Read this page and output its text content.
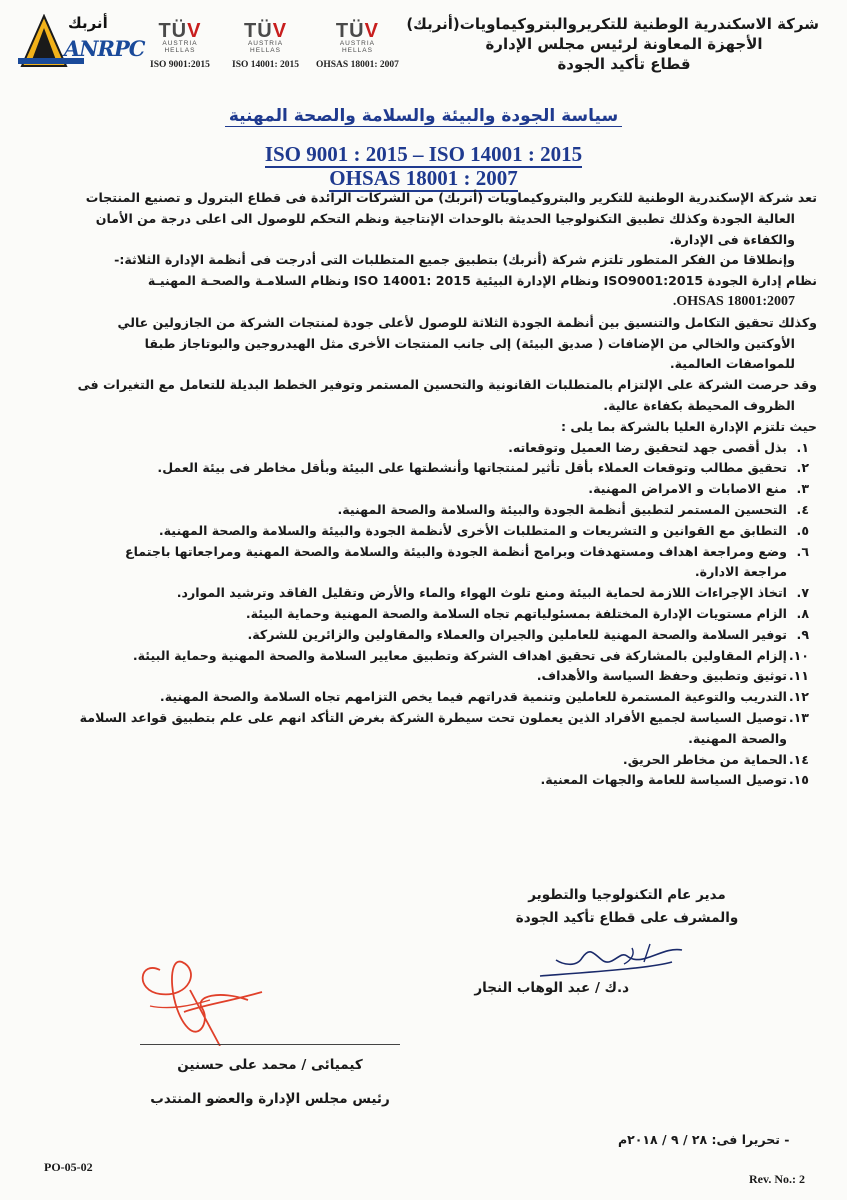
شركة الاسكندرية الوطنية للتكريروالبتروكيماويات(أنربك)
الأجهزة المعاونة لرئيس مجلس الإدارة
قطاع تأكيد الجودة
أنربك
ANRPC
TÜV
AUSTRIA
HELLAS
ISO 9001:2015
TÜV
AUSTRIA
HELLAS
ISO 14001: 2015
TÜV
AUSTRIA
HELLAS
OHSAS 18001: 2007
سياسة الجودة والبيئة والسلامة والصحة المهنية
ISO 9001 : 2015 – ISO 14001 : 2015
OHSAS 18001 : 2007

تعد شركة الإسكندرية الوطنية للتكرير والبتروكيماويات (أنربك) من الشركات الرائدة فى قطاع البترول و تصنيع المنتجات

العالية الجودة وكذلك تطبيق التكنولوجيا الحديثة بالوحدات الإنتاجية ونظم التحكم للوصول الى اعلى درجة من الأمان

والكفاءة فى الإدارة.

وإنطلاقا من الفكر المتطور تلتزم شركة (أنربك) بتطبيق جميع المتطلبات التى أدرجت فى أنظمة الإدارة الثلاثة:-

نظام إدارة الجودة ISO9001:2015 ونظام الإدارة البيئية ISO 14001: 2015 ونظام السلامـة والصحـة المهنيـة

OHSAS 18001:2007.

وكذلك تحقيق التكامل والتنسيق بين أنظمة الجودة الثلاثة للوصول لأعلى جودة لمنتجات الشركة من الجازولين عالي

الأوكتين والخالي من الإضافات ( صديق البيئة) إلى جانب المنتجات الأخرى مثل الهيدروجين والبوتاجاز طبقا

للمواصفات العالمية.

وقد حرصت الشركة على الإلتزام بالمتطلبات القانونية والتحسين المستمر وتوفير الخطط البديلة للتعامل مع التغيرات فى

الظروف المحيطة بكفاءة عالية.

حيث تلتزم الإدارة العليا بالشركة بما يلى :

١.
بذل أقصى جهد لتحقيق رضا العميل وتوقعاته.
٢.
تحقيق مطالب وتوقعات العملاء بأقل تأثير لمنتجاتها وأنشطتها على البيئة وبأقل مخاطر فى بيئة العمل.
٣.
منع الاصابات و الامراض المهنية.
٤.
التحسين المستمر لتطبيق أنظمة الجودة والبيئة والسلامة والصحة المهنية.
٥.
التطابق مع القوانين و التشريعات و المتطلبات الأخرى لأنظمة الجودة والبيئة والسلامة والصحة المهنية.
٦.
وضع ومراجعة اهداف ومستهدفات وبرامج أنظمة الجودة والبيئة والسلامة والصحة المهنية ومراجعاتها باجتماع
مراجعة الادارة.
٧.
اتخاذ الإجراءات اللازمة لحماية البيئة ومنع تلوث الهواء والماء والأرض وتقليل الفاقد وترشيد الموارد.
٨.
الزام مستويات الإدارة المختلفة بمسئولياتهم تجاه السلامة والصحة المهنية وحماية البيئة.
٩.
توفير السلامة والصحة المهنية للعاملين والجيران والعملاء والمقاولين والزائرين للشركة.
١٠.
إلزام المقاولين بالمشاركة فى تحقيق اهداف الشركة وتطبيق معايير السلامة والصحة المهنية وحماية البيئة.
١١.
توثيق وتطبيق وحفظ السياسة والأهداف.
١٢.
التدريب والتوعية المستمرة للعاملين وتنمية قدراتهم فيما يخص التزامهم تجاه السلامة والصحة المهنية.
١٣.
توصيل السياسة لجميع الأفراد الذين يعملون تحت سيطرة الشركة بغرض التأكد انهم على علم بتطبيق قواعد السلامة
والصحة المهنية.
١٤.
الحماية من مخاطر الحريق.
١٥.
توصيل السياسة للعامة والجهات المعنية.
مدير عام التكنولوجيا والتطوير
والمشرف على قطاع تأكيد الجودة
د.ك / عبد الوهاب النجار
كيميائى / محمد على حسنين
رئيس مجلس الإدارة والعضو المنتدب
- تحريرا فى: ٢٨ / ٩ / ٢٠١٨م
PO-05-02
Rev. No.: 2
